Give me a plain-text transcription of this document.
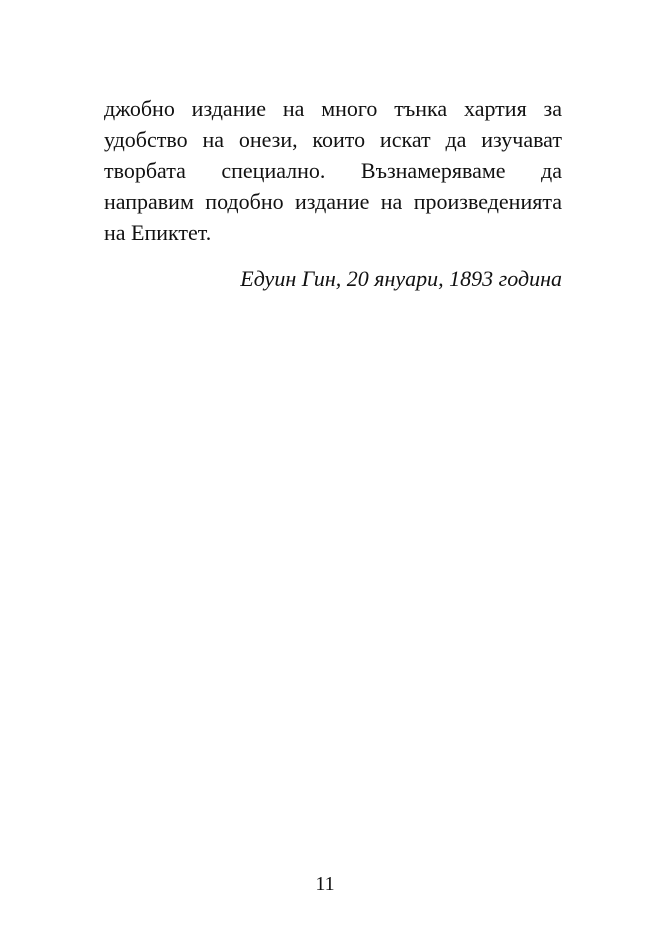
джобно издание на много тънка хартия за удобство на онези, които искат да изучават творбата специално. Възнамеряваме да направим подобно издание на произведенията на Епиктет.

Едуин Гин, 20 януари, 1893 година

11
